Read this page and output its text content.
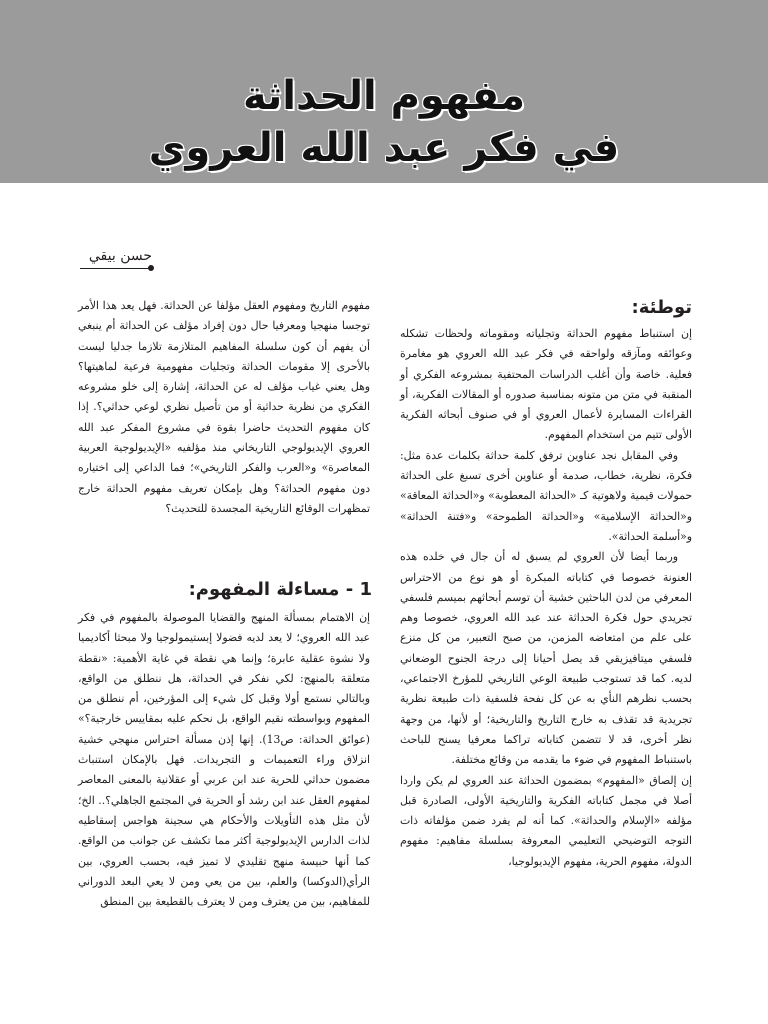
مفهوم الحداثة
في فكر عبد الله العروي
حسن بيقي
توطئة:

إن استنباط مفهوم الحداثة وتجلياته ومقوماته ولحظات تشكله وعوائقه ومآزقه ولواحقه في فكر عبد الله العروي هو مغامرة فعلية. خاصة وأن أغلب الدراسات المحتفية بمشروعه الفكري أو المنقبة في متن من متونه بمناسبة صدوره أو المقالات الفكرية، أو القراءات المسايرة لأعمال العروي أو في صنوف أبحاثه الفكرية الأولى تتيم من استخدام المفهوم.

وفي المقابل نجد عناوين ترفق كلمة حداثة بكلمات عدة مثل: فكرة، نظرية، خطاب، صدمة أو عناوين أخرى تسبغ على الحداثة حمولات قيمية ولاهوتية كـ «الحداثة المعطوبة» و«الحداثة المعاقة» و«الحداثة الإسلامية» و«الحداثة الطموحة» و«فتنة الحداثة» و«أسلمة الحداثة».

وربما أيضا لأن العروي لم يسبق له أن جال في خلده هذه العنونة خصوصا في كتاباته المبكرة أو هو نوع من الاحتراس المعرفي من لدن الباحثين خشية أن توسم أبحاثهم بميسم فلسفي تجريدي حول فكرة الحداثة عند عبد الله العروي، خصوصا وهم على علم من امتعاضه المزمن، من صبح التعبير، من كل منزع فلسفي ميتافيزيقي قد يصل أحيانا إلى درجة الجنوح الوضعاني لديه. كما قد تستوجب طبيعة الوعي التاريخي للمؤرخ الاجتماعي، بحسب نظرهم النأي به عن كل نفحة فلسفية ذات طبيعة نظرية تجريدية قد تقذف به خارج التاريخ والتاريخية؛ أو لأنها، من وجهة نظر أخرى، قد لا تتضمن كتاباته تراكما معرفيا يسنح للباحث باستنباط المفهوم في ضوء ما يقدمه من وقائع مختلفة.

إن إلصاق «المفهوم» بمضمون الحداثة عند العروي لم يكن واردا أصلا في مجمل كتاباته الفكرية والتاريخية الأولى، الصادرة قبل مؤلفه «الإسلام والحداثة». كما أنه لم يفرد ضمن مؤلفاته ذات التوجه التوضيحي التعليمي المعروفة بسلسلة مفاهيم: مفهوم الدولة، مفهوم الحرية، مفهوم الإيديولوجيا،

مفهوم التاريخ ومفهوم العقل مؤلفا عن الحداثة. فهل يعد هذا الأمر توجسا منهجيا ومعرفيا حال دون إفراد مؤلف عن الحداثة أم ينبغي أن يفهم أن كون سلسلة المفاهيم المتلازمة تلازما جدليا ليست بالأحرى إلا مقومات الحداثة وتجليات مفهومية فرعية لماهيتها؟ وهل يعني غياب مؤلف له عن الحداثة، إشارة إلى خلو مشروعه الفكري من نظرية حداثية أو من تأصيل نظري لوعي حداثي؟. إذا كان مفهوم التحديث حاضرا بقوة في مشروع المفكر عبد الله العروي الإيديولوجي التاريخاني منذ مؤلفيه «الإيديولوجية العربية المعاصرة» و«العرب والفكر التاريخي»؛ فما الداعي إلى اختياره دون مفهوم الحداثة؟ وهل بإمكان تعريف مفهوم الحداثة خارج تمظهرات الوقائع التاريخية المجسدة للتحديث؟

1 - مساءلة المفهوم:

إن الاهتمام بمسألة المنهج والقضايا الموصولة بالمفهوم في فكر عبد الله العروي؛ لا يعد لديه فضولا إبستيمولوجيا ولا مبحثا أكاديميا ولا نشوة عقلية عابرة؛ وإنما هي نقطة في غاية الأهمية: «نقطة متعلقة بالمنهج: لكي نفكر في الحداثة، هل ننطلق من الواقع، وبالتالي نستمع أولا وقبل كل شيء إلى المؤرخين، أم ننطلق من المفهوم وبواسطته نقيم الواقع، بل نحكم عليه بمقاييس خارجية؟» (عوائق الحداثة: ص13). إنها إذن مسألة احتراس منهجي خشية انزلاق وراء التعميمات و التجريدات. فهل بالإمكان استنباث مضمون حداثي للحرية عند ابن عربي أو عقلانية بالمعنى المعاصر لمفهوم العقل عند ابن رشد أو الحرية في المجتمع الجاهلي؟.. الخ؛ لأن مثل هذه التأويلات والأحكام هي سجينة هواجس إسقاطيه لذات الدارس الإيديولوجية أكثر مما تكشف عن جوانب من الواقع. كما أنها حبيسة منهج تقليدي لا تميز فيه، بحسب العروي، بين الرأي(الدوكسا) والعلم، بين من يعي ومن لا يعي البعد الدوراني للمفاهيم، بين من يعترف ومن لا يعترف بالقطيعة بين المنطق
